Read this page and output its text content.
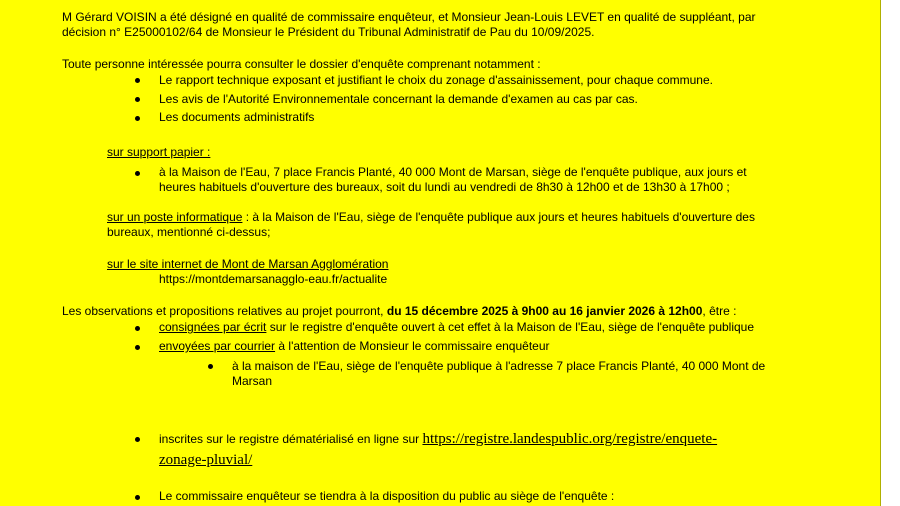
M Gérard VOISIN a été désigné en qualité de commissaire enquêteur, et Monsieur Jean-Louis LEVET en qualité de suppléant, par

décision n° E25000102/64 de Monsieur le Président du Tribunal Administratif de Pau du 10/09/2025.

Toute personne intéressée pourra consulter le dossier d'enquête comprenant notamment :

Le rapport technique exposant et justifiant le choix du zonage d'assainissement, pour chaque commune.

Les avis de l'Autorité Environnementale concernant la demande d'examen au cas par cas.

Les documents administratifs

sur support papier :

à la Maison de l'Eau, 7 place Francis Planté, 40 000 Mont de Marsan, siège de l'enquête publique, aux jours et

heures habituels d'ouverture des bureaux, soit du lundi au vendredi de 8h30 à 12h00 et de 13h30 à 17h00 ;

sur un poste informatique : à la Maison de l'Eau, siège de l'enquête publique aux jours et heures habituels d'ouverture des

bureaux, mentionné ci-dessus;

sur le site internet de Mont de Marsan Agglomération

https://montdemarsanagglo-eau.fr/actualite

Les observations et propositions relatives au projet pourront, du 15 décembre 2025 à 9h00 au 16 janvier 2026 à 12h00, être :

consignées par écrit sur le registre d'enquête ouvert à cet effet à la Maison de l'Eau, siège de l'enquête publique

envoyées par courrier à l'attention de Monsieur le commissaire enquêteur

à la maison de l'Eau, siège de l'enquête publique à l'adresse 7 place Francis Planté, 40 000 Mont de

Marsan

inscrites sur le registre dématérialisé en ligne sur https://registre.landespublic.org/registre/enquete-

zonage-pluvial/

Le commissaire enquêteur se tiendra à la disposition du public au siège de l'enquête :
